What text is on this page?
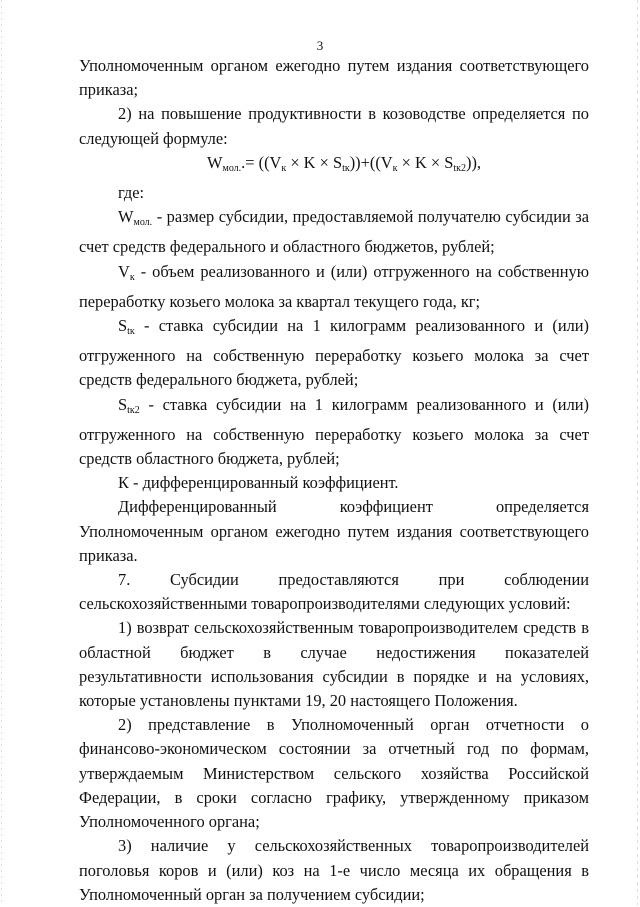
3

Уполномоченным органом ежегодно путем издания соответствующего приказа;

2) на повышение продуктивности в козоводстве определяется по следующей формуле:

$W_{мол.}.= ((V_к \times K \times S_{tк}))+((V_к \times K \times S_{tк2}))$,

где:

$W_{мол.}$ - размер субсидии, предоставляемой получателю субсидии за счет средств федерального и областного бюджетов, рублей;

$V_к$ - объем реализованного и (или) отгруженного на собственную переработку козьего молока за квартал текущего года, кг;

$S_{tк}$ - ставка субсидии на 1 килограмм реализованного и (или) отгруженного на собственную переработку козьего молока за счет средств федерального бюджета, рублей;

$S_{tк2}$ - ставка субсидии на 1 килограмм реализованного и (или) отгруженного на собственную переработку козьего молока за счет средств областного бюджета, рублей;

К - дифференцированный коэффициент.

Дифференцированный коэффициент определяется Уполномоченным органом ежегодно путем издания соответствующего приказа.

7. Субсидии предоставляются при соблюдении сельскохозяйственными товаропроизводителями следующих условий:

1) возврат сельскохозяйственным товаропроизводителем средств в областной бюджет в случае недостижения показателей результативности использования субсидии в порядке и на условиях, которые установлены пунктами 19, 20 настоящего Положения.

2) представление в Уполномоченный орган отчетности о финансово-экономическом состоянии за отчетный год по формам, утверждаемым Министерством сельского хозяйства Российской Федерации, в сроки согласно графику, утвержденному приказом Уполномоченного органа;

3) наличие у сельскохозяйственных товаропроизводителей поголовья коров и (или) коз на 1-е число месяца их обращения в Уполномоченный орган за получением субсидии;
